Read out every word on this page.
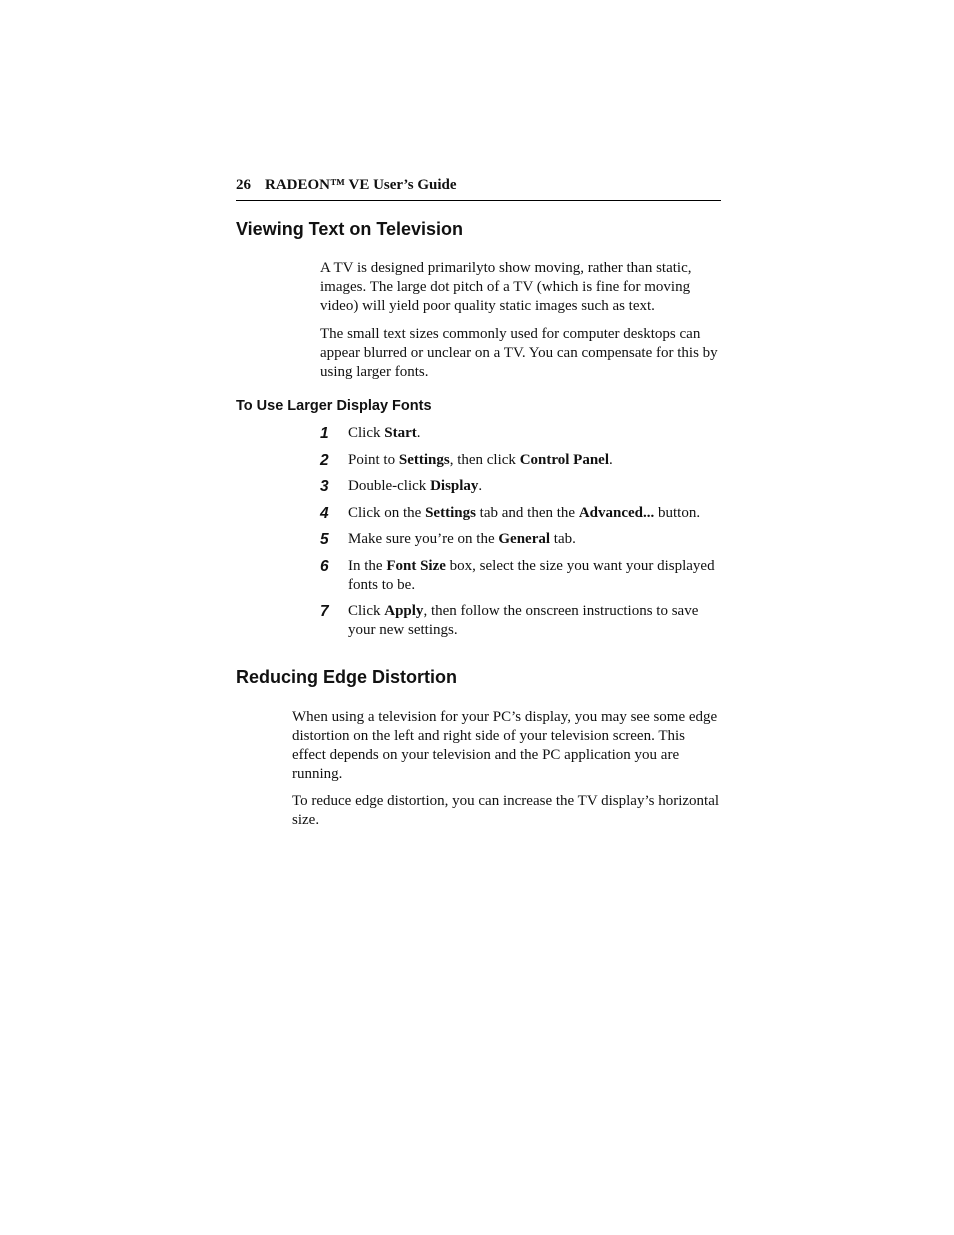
26 RADEON™ VE User’s Guide
Viewing Text on Television

A TV is designed primarilyto show moving, rather than static, images. The large dot pitch of a TV (which is fine for moving video) will yield poor quality static images such as text.

The small text sizes commonly used for computer desktops can appear blurred or unclear on a TV. You can compensate for this by using larger fonts.

To Use Larger Display Fonts
1 Click Start.
2 Point to Settings, then click Control Panel.
3 Double-click Display.
4 Click on the Settings tab and then the Advanced... button.
5 Make sure you’re on the General tab.
6 In the Font Size box, select the size you want your displayed fonts to be.
7 Click Apply, then follow the onscreen instructions to save your new settings.
Reducing Edge Distortion

When using a television for your PC’s display, you may see some edge distortion on the left and right side of your television screen. This effect depends on your television and the PC application you are running.

To reduce edge distortion, you can increase the TV display’s horizontal size.
